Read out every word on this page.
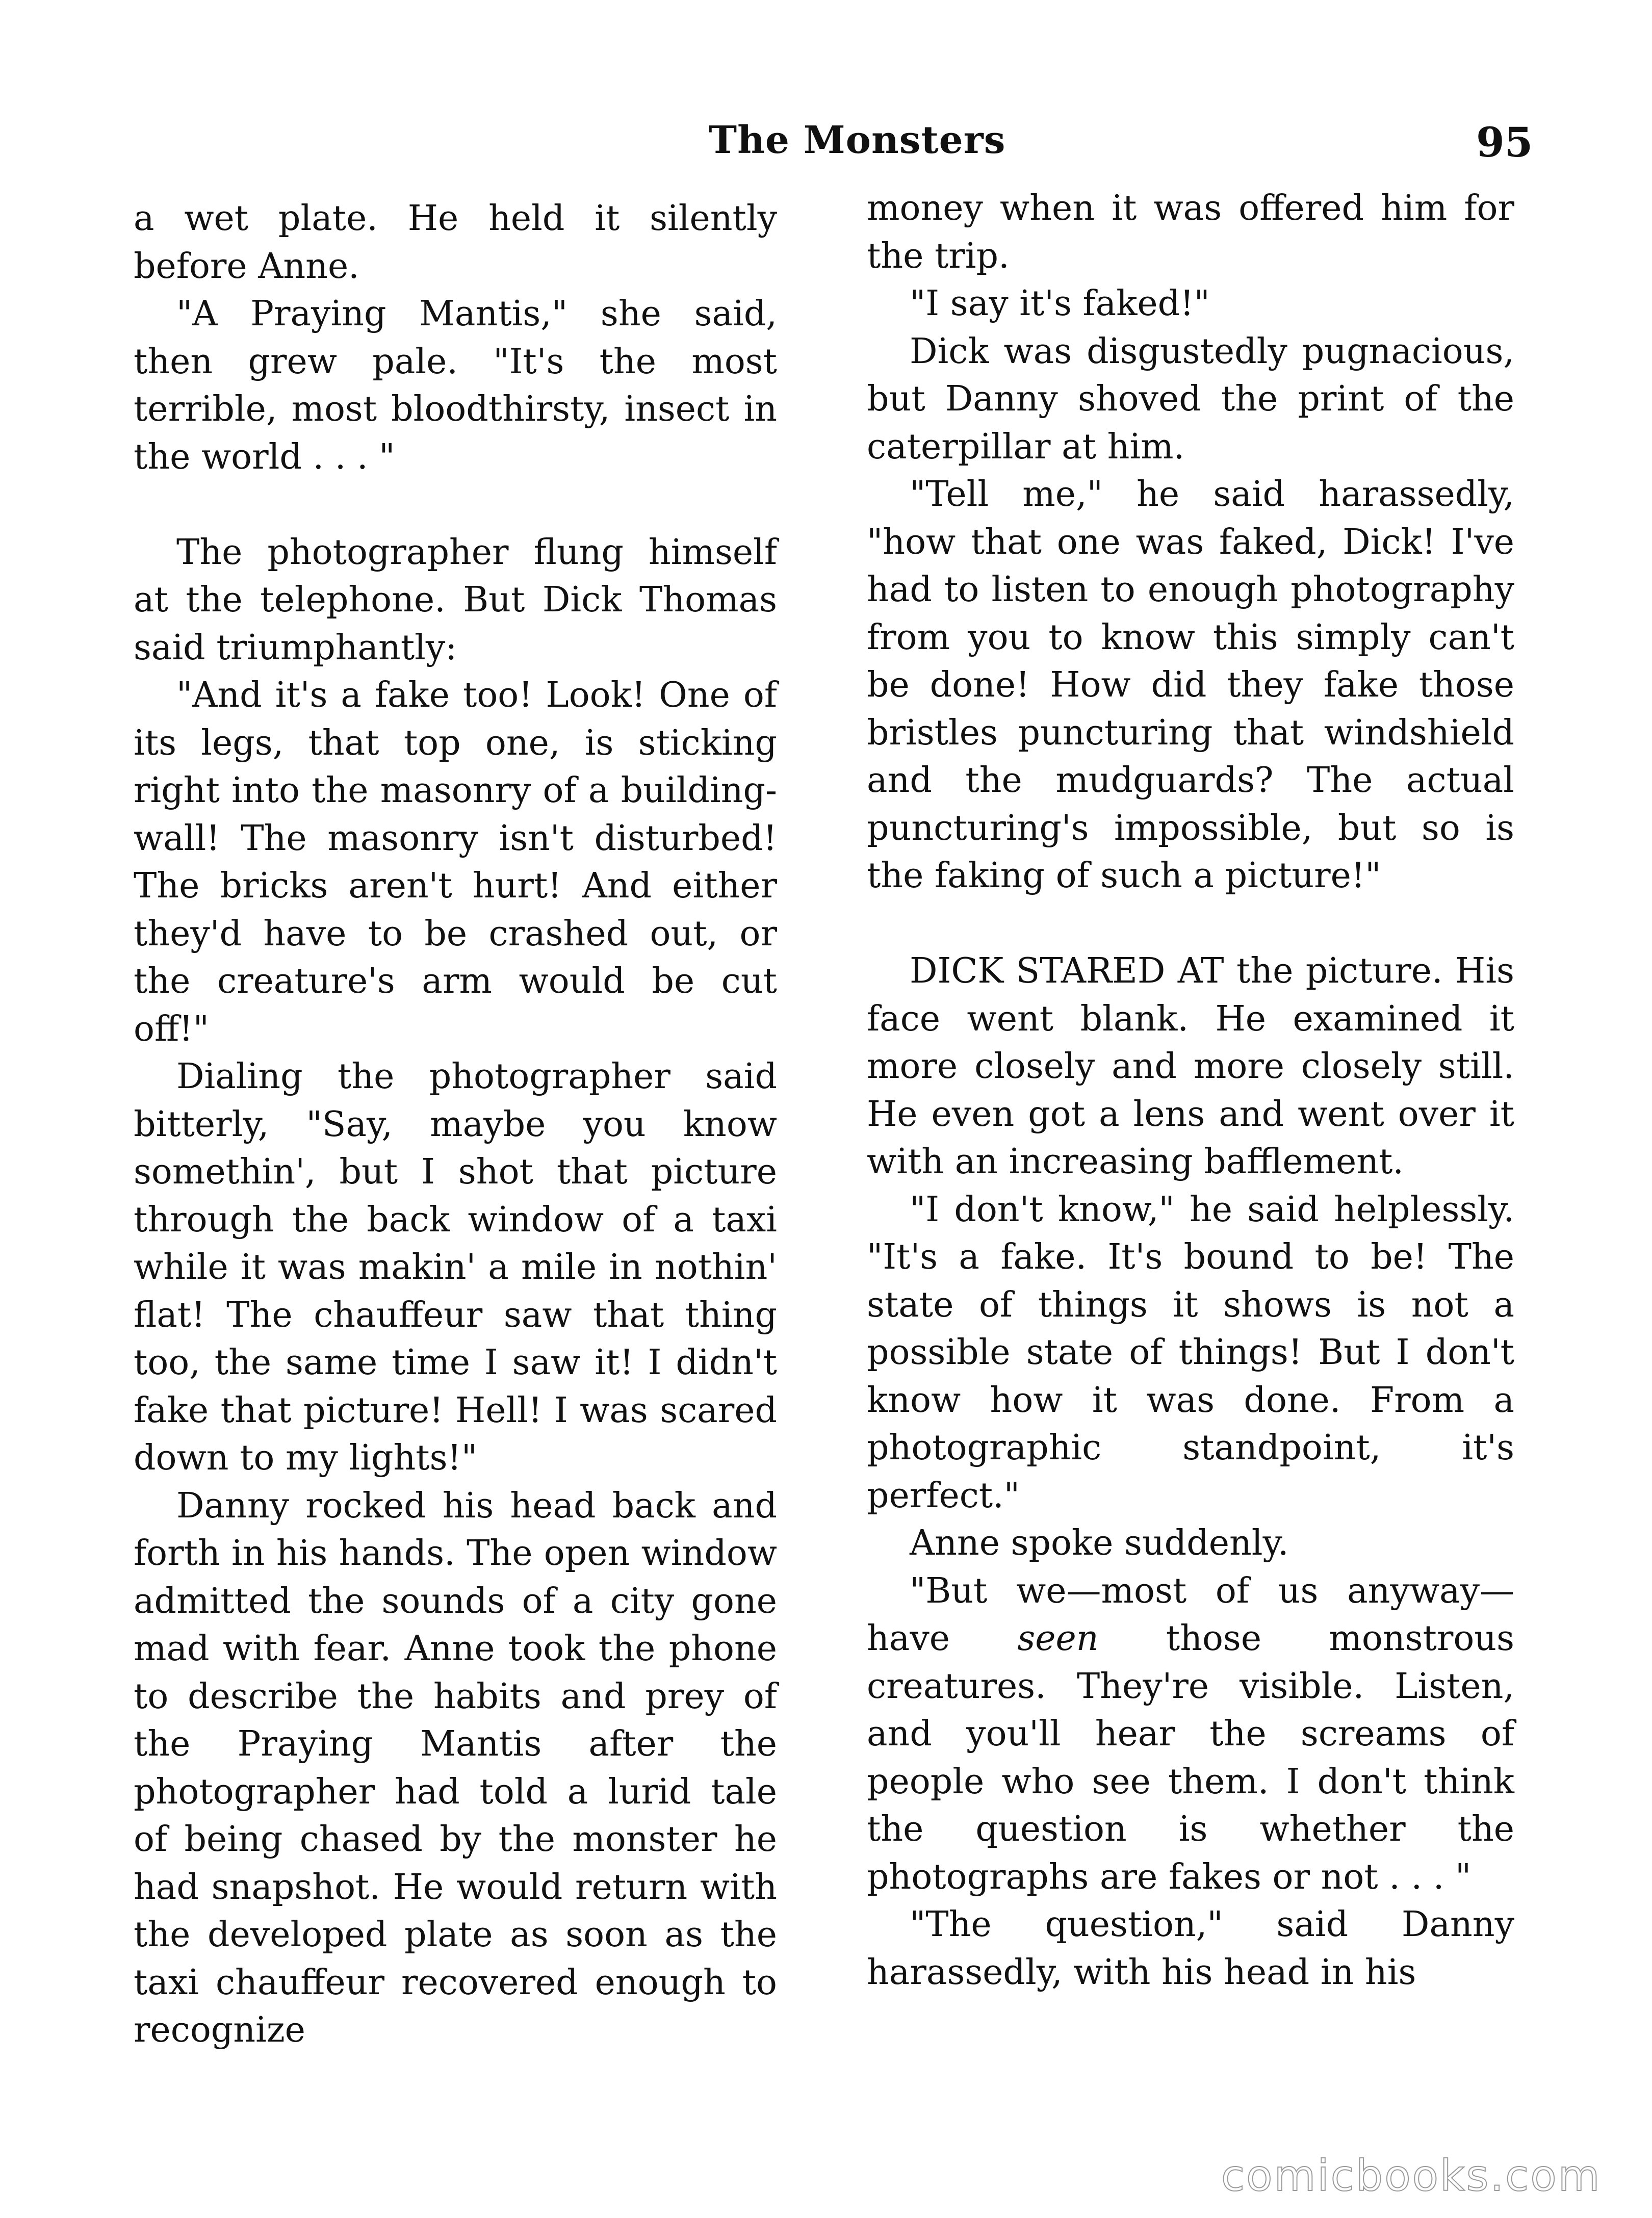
The Monsters	95

a wet plate. He held it silently before Anne.

"A Praying Mantis," she said, then grew pale. "It's the most terrible, most bloodthirsty, insect in the world . . . "

The photographer flung himself at the telephone. But Dick Thomas said triumphantly:

"And it's a fake too! Look! One of its legs, that top one, is sticking right into the masonry of a building-wall! The masonry isn't disturbed! The bricks aren't hurt! And either they'd have to be crashed out, or the creature's arm would be cut off!"

Dialing the photographer said bitterly, "Say, maybe you know somethin', but I shot that picture through the back window of a taxi while it was makin' a mile in nothin' flat! The chauffeur saw that thing too, the same time I saw it! I didn't fake that picture! Hell! I was scared down to my lights!"

Danny rocked his head back and forth in his hands. The open window admitted the sounds of a city gone mad with fear. Anne took the phone to describe the habits and prey of the Praying Mantis after the photographer had told a lurid tale of being chased by the monster he had snapshot. He would return with the developed plate as soon as the taxi chauffeur recovered enough to recognize

money when it was offered him for the trip.

"I say it's faked!"

Dick was disgustedly pugnacious, but Danny shoved the print of the caterpillar at him.

"Tell me," he said harassedly, "how that one was faked, Dick! I've had to listen to enough photography from you to know this simply can't be done! How did they fake those bristles puncturing that windshield and the mudguards? The actual puncturing's impossible, but so is the faking of such a picture!"

DICK STARED AT the picture. His face went blank. He examined it more closely and more closely still. He even got a lens and went over it with an increasing bafflement.

"I don't know," he said helplessly. "It's a fake. It's bound to be! The state of things it shows is not a possible state of things! But I don't know how it was done. From a photographic standpoint, it's perfect."

Anne spoke suddenly.

"But we—most of us anyway—have seen those monstrous creatures. They're visible. Listen, and you'll hear the screams of people who see them. I don't think the question is whether the photographs are fakes or not . . . "

"The question," said Danny harassedly, with his head in his

comicbooks.com
